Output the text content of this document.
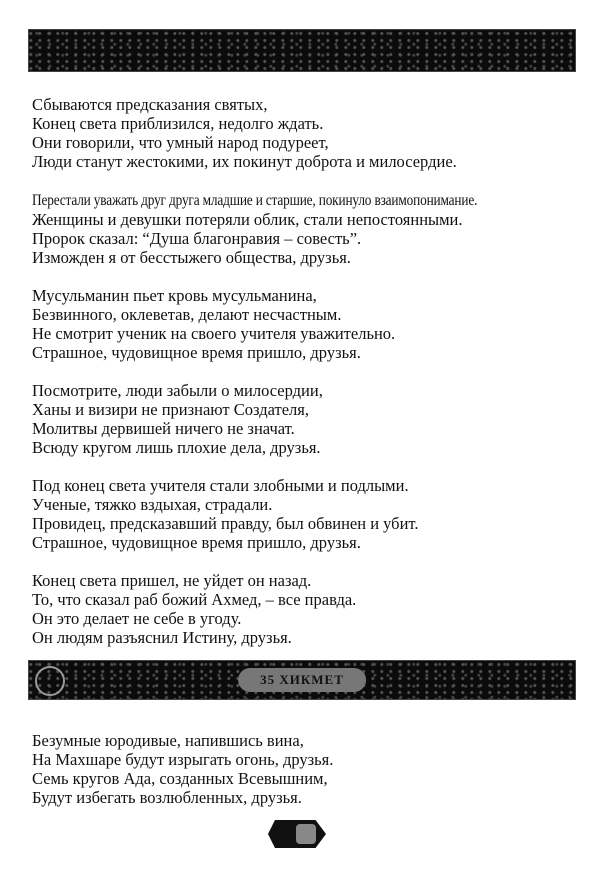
Сбываются предсказания святых,
Конец света приблизился, недолго ждать.
Они говорили, что умный народ подуреет,
Люди станут жестокими, их покинут доброта и милосердие.
Перестали уважать друг друга младшие и старшие, покинуло взаимопонимание.
Женщины и девушки потеряли облик, стали непостоянными.
Пророк сказал: “Душа благонравия – совесть”.
Изможден я от бесстыжего общества, друзья.
Мусульманин пьет кровь мусульманина,
Безвинного, оклеветав, делают несчастным.
Не смотрит ученик на своего учителя уважительно.
Страшное, чудовищное время пришло, друзья.
Посмотрите, люди забыли о милосердии,
Ханы и визири не признают Создателя,
Молитвы дервишей ничего не значат.
Всюду кругом лишь плохие дела, друзья.
Под конец света учителя стали злобными и подлыми.
Ученые, тяжко вздыхая, страдали.
Провидец, предсказавший правду, был обвинен и убит.
Страшное, чудовищное время пришло, друзья.
Конец света пришел, не уйдет он назад.
То, что сказал раб божий Ахмед, – все правда.
Он это делает не себе в угоду.
Он людям разъяснил Истину, друзья.
35 ХИКМЕТ
Безумные юродивые, напившись вина,
На Махшаре будут изрыгать огонь, друзья.
Семь кругов Ада, созданных Всевышним,
Будут избегать возлюбленных, друзья.
